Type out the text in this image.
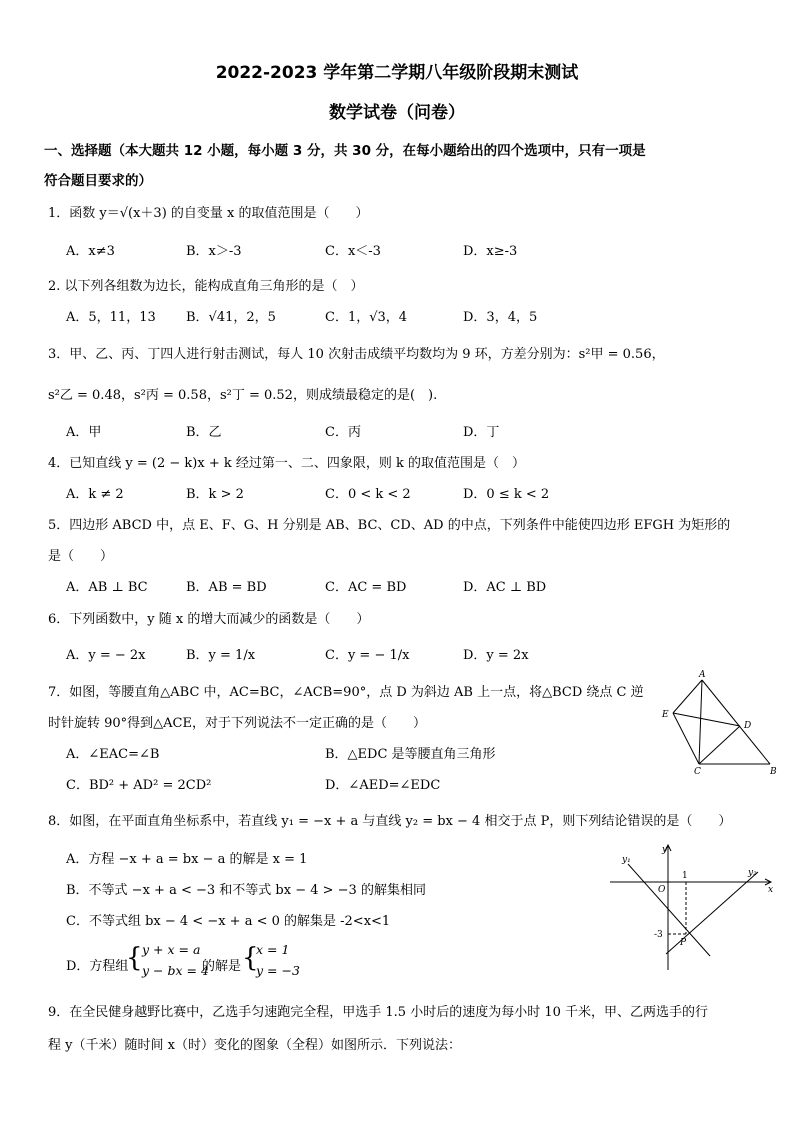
2022-2023 学年第二学期八年级阶段期末测试
数学试卷（问卷）
一、选择题（本大题共 12 小题，每小题 3 分，共 30 分，在每小题给出的四个选项中，只有一项是
符合题目要求的）
1．函数 y＝√(x＋3) 的自变量 x 的取值范围是（　　）
A．x≠3	B．x＞-3	C．x＜-3	D．x≥-3
2. 以下列各组数为边长，能构成直角三角形的是（　）
A．5，11，13 B．√41，2，5	C．1，√3，4	D．3，4，5
3．甲、乙、丙、丁四人进行射击测试，每人 10 次射击成绩平均数均为 9 环，方差分别为：s²甲 = 0.56，
s²乙 = 0.48，s²丙 = 0.58，s²丁 = 0.52，则成绩最稳定的是(　).
A．甲	B．乙	C．丙	D．丁
4．已知直线 y = (2 − k)x + k 经过第一、二、四象限，则 k 的取值范围是（　）
A．k ≠ 2	B．k > 2	C．0 < k < 2	D．0 ≤ k < 2
5．四边形 ABCD 中，点 E、F、G、H 分别是 AB、BC、CD、AD 的中点，下列条件中能使四边形 EFGH 为矩形的
是（　　）
A．AB ⊥ BC	B．AB = BD	C．AC = BD	D．AC ⊥ BD
6．下列函数中，y 随 x 的增大而减少的函数是（　　）
A．y = − 2x	B．y = 1/x	C．y = − 1/x	D．y = 2x
7．如图，等腰直角△ABC 中，AC=BC，∠ACB=90°，点 D 为斜边 AB 上一点，将△BCD 绕点 C 逆
时针旋转 90°得到△ACE，对于下列说法不一定正确的是（　　）
A．∠EAC=∠B	B．△EDC 是等腰直角三角形
C．BD² + AD² = 2CD²	D．∠AED=∠EDC
A
E
D
C	B
8．如图，在平面直角坐标系中，若直线 y₁ = −x + a 与直线 y₂ = bx − 4 相交于点 P，则下列结论错误的是（　　）
A．方程 −x + a = bx − a 的解是 x = 1
B．不等式 −x + a < −3 和不等式 bx − 4 > −3 的解集相同
C．不等式组 bx − 4 < −x + a < 0 的解集是 -2<x<1
D．方程组
{ y + x = a
y − bx = 4
的解是 {
x = 1
y = −3
y₁
y₂
y
x
O
1
-3
P
9．在全民健身越野比赛中，乙选手匀速跑完全程，甲选手 1.5 小时后的速度为每小时 10 千米，甲、乙两选手的行
程 y（千米）随时间 x（时）变化的图象（全程）如图所示．下列说法：
